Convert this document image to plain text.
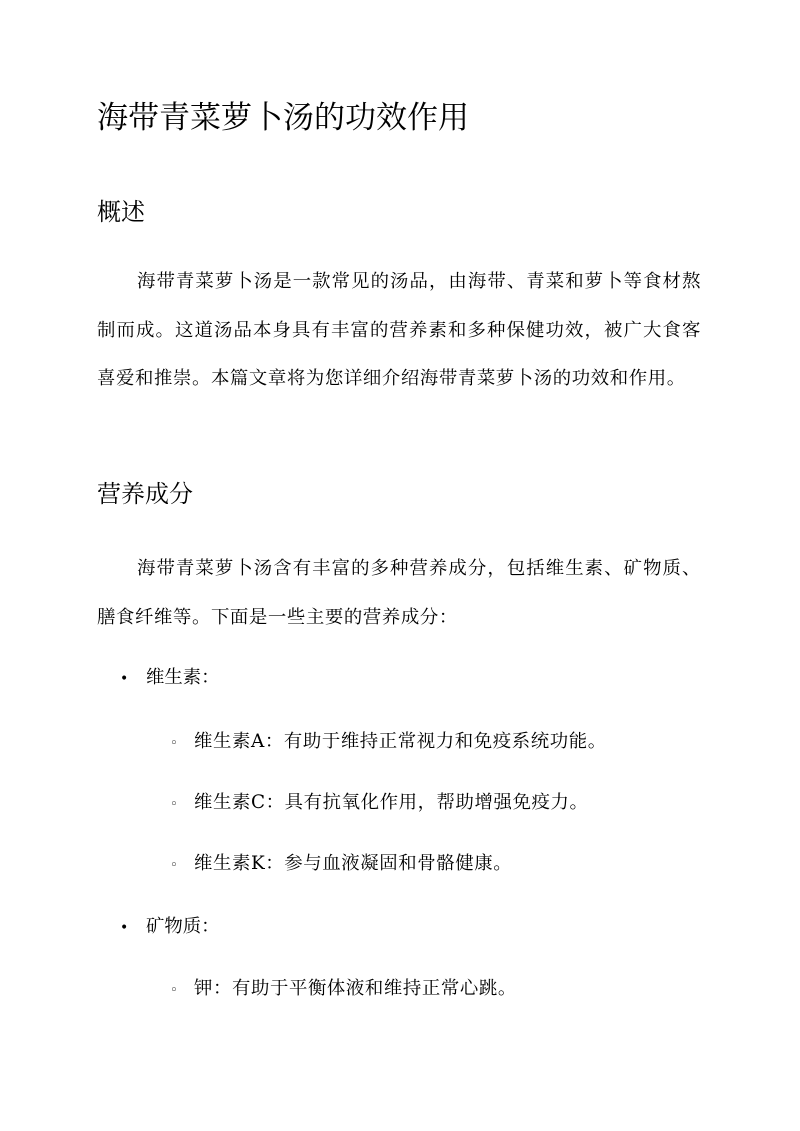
海带青菜萝卜汤的功效作用
概述

海带青菜萝卜汤是一款常见的汤品，由海带、青菜和萝卜等食材熬制而成。这道汤品本身具有丰富的营养素和多种保健功效，被广大食客喜爱和推崇。本篇文章将为您详细介绍海带青菜萝卜汤的功效和作用。

营养成分

海带青菜萝卜汤含有丰富的多种营养成分，包括维生素、矿物质、膳食纤维等。下面是一些主要的营养成分：

• 维生素：
◦ 维生素A：有助于维持正常视力和免疫系统功能。
◦ 维生素C：具有抗氧化作用，帮助增强免疫力。
◦ 维生素K：参与血液凝固和骨骼健康。
• 矿物质：
◦ 钾：有助于平衡体液和维持正常心跳。
